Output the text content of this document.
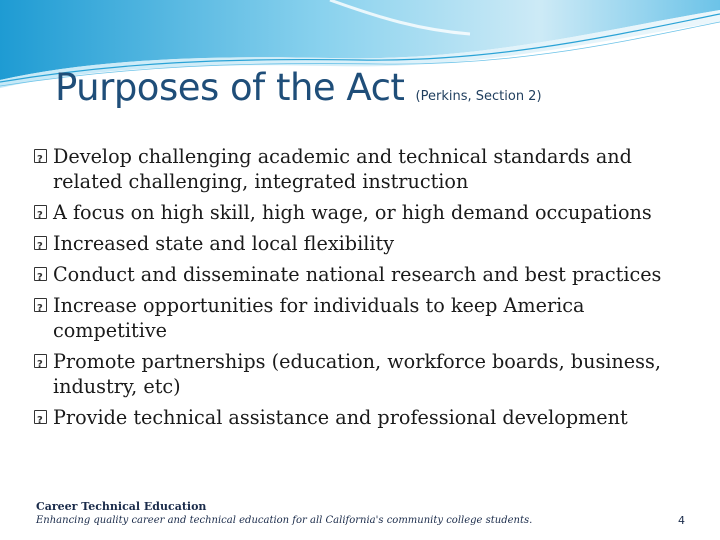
Purposes of the Act (Perkins, Section 2)
?
Develop challenging academic and technical standards and related challenging, integrated instruction
?
A focus on high skill, high wage, or high demand occupations
?
Increased state and local flexibility
?
Conduct and disseminate national research and best practices
?
Increase opportunities for individuals to keep America competitive
?
Promote partnerships (education, workforce boards, business, industry, etc)
?
Provide technical assistance and professional development
Career Technical Education
Enhancing quality career and technical education for all California's community college students.	4
